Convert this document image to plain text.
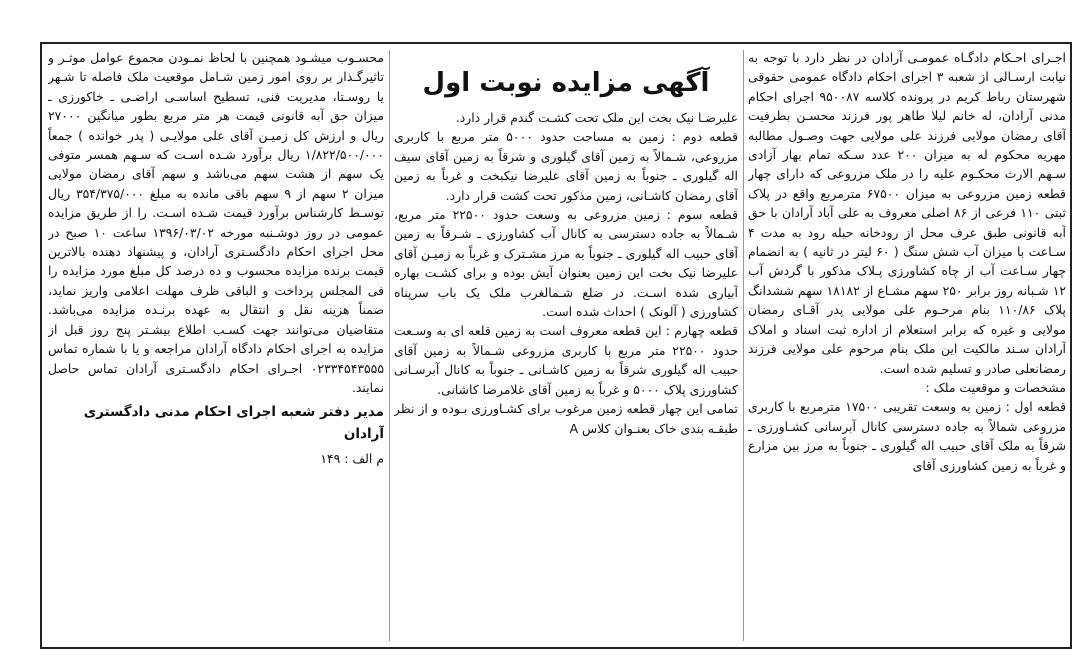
اجـرای احـکام دادگـاه عمومـی آرادان در نظر دارد با توجه به نیابت ارسـالی از شعبه ۳ اجرای احکام دادگاه عمومی حقوقی شهرستان رباط کریم در پرونده کلاسه ۹۵۰۰۸۷ اجرای احکام مدنی آرادان، له خانم لیلا طاهر پور فرزند محسـن بطرفیت آقای رمضان مولایی فرزند علی مولایی جهت وصـول مطالبه مهریه محکوم له به میزان ۲۰۰ عدد سـکه تمام بهار آزادی سـهم الارث محکـوم علیه را در ملک مزروعی که دارای چهار قطعه زمین مزروعی به میزان ۶۷۵۰۰ مترمربع واقع در پلاک ثبتی ۱۱۰ فرعی از ۸۶ اصلی معروف به علی آباد آرادان با حق آبه قانونی طبق عرف محل از رودخانه حبله رود به مدت ۴ سـاعت با میزان آب شش سنگ ( ۶۰ لیتر در ثانیه ) به انضمام چهار سـاعت آب از چاه کشاورزی پـلاک مذکور با گردش آب ۱۲ شـبانه روز برابر ۲۵۰ سهم مشـاع از ۱۸۱۸۲ سهم ششدانگ پلاک ۱۱۰/۸۶ بنام مرحـوم علی مولایی پدر آقـای رمضان مولایی و غیره که برابر استعلام از اداره ثبت اسناد و املاک آرادان سـند مالکیت این ملک بنام مرحوم علی مولایی فرزند رمضانعلی صادر و تسلیم شده است.

مشخصات و موقعیت ملک :

قطعه اول : زمین به وسعت تقریبی ۱۷۵۰۰ مترمربع با کاربری مزروعی شمالاً به جاده دسترسی کانال آبرسانی کشـاورزی ـ شرقاً به ملک آقای حبیب اله گیلوری ـ جنوباً به مرز بین مزارع و غرباً به زمین کشاورزی آقای

آگهی مزایده نوبت اول

علیرضـا نیک بخت این ملک تحت کشـت گندم قرار دارد.

قطعه دوم : زمین به مساحت حدود ۵۰۰۰ متر مربع با کاربری مزروعی، شـمالاً به زمین آقای گیلوری و شرقاً به زمین آقای سیف اله گیلوری ـ جنوباً به زمین آقای علیرضا نیکبخت و غرباً به زمین آقای رمضان کاشـانی، زمین مذکور تحت کشت قرار دارد.

قطعه سوم : زمین مزروعی به وسعت حدود ۲۲۵۰۰ متر مربع، شـمالاً به جاده دسترسی به کانال آب کشاورزی ـ شـرقاً به زمین آقای حبیب اله گیلوری ـ جنوباً به مرز مشـترک و غرباً به زمیـن آقای علیرضا نیک بخت این زمین بعنوان آیش بوده و برای کشـت بهاره آبیاری شده اسـت. در ضلع شـمالغرب ملک یک باب سرپناه کشاورزی ( آلونک ) احداث شده است.

قطعه چهارم : این قطعه معروف است به زمین قلعه ای به وسـعت حدود ۲۲۵۰۰ متر مربع با کاربری مزروعی شـمالاً به زمین آقای حبیب اله گیلوری شرقاً به زمین کاشـانی ـ جنوباً به کانال آبرسـانی کشاورزی پلاک ۵۰۰۰ و غرباً به زمین آقای غلامرضا کاشانی.

تمامی این چهار قطعه زمین مرغوب برای کشـاورزی بـوده و از نظر طبقـه بندی خاک بعنـوان کلاس A

محسـوب میشـود همچنین با لحاظ نمـودن مجموع عوامل موثـر و تاثیرگـذار بر روی امور زمین شـامل موقعیت ملک فاصله تا شـهر یا روسـتا، مدیریت فنی، تسطیح اساسـی اراضـی ـ خاکورزی ـ میزان حق آبه قانونی قیمت هر متر مربع بطور میانگین ۲۷۰۰۰ ریال و ارزش کل زمیـن آقای علی مولایـی ( پدر خوانده ) جمعاً ۱/۸۲۲/۵۰۰/۰۰۰ ریال برآورد شـده اسـت که سـهم همسر متوفی یک سهم از هشت سهم می‌باشد و سهم آقای رمضان مولایی میزان ۲ سهم از ۹ سهم باقی مانده به مبلغ ۳۵۴/۳۷۵/۰۰۰ ریال توسـط کارشناس برآورد قیمت شـده اسـت. را از طریق مزایده عمومی در روز دوشـنبه مورخه ۱۳۹۶/۰۳/۰۲ ساعت ۱۰ صبح در محل اجرای احکام دادگسـتری آرادان، و پیشنهاد دهنده بالاترین قیمت برنده مزایده محسوب و ده درصد کل مبلغ مورد مزایده را فی المجلس پرداخت و الباقی ظرف مهلت اعلامی واریز نماید، ضمناً هزینه نقل و انتقال به عهده برنـده مزایده می‌باشد. متقاضیان می‌توانند جهت کسـب اطلاع بیشـتر پنج روز قبل از مزایده به اجرای احکام دادگاه آرادان مراجعه و یا با شماره تماس ۰۲۳۳۴۵۴۳۵۵۵ اجـرای احکام دادگسـتری آرادان تماس حاصل نمایند.

مدیر دفتر شعبه اجرای احکام مدنی دادگستری آرادان
م الف : ۱۴۹
